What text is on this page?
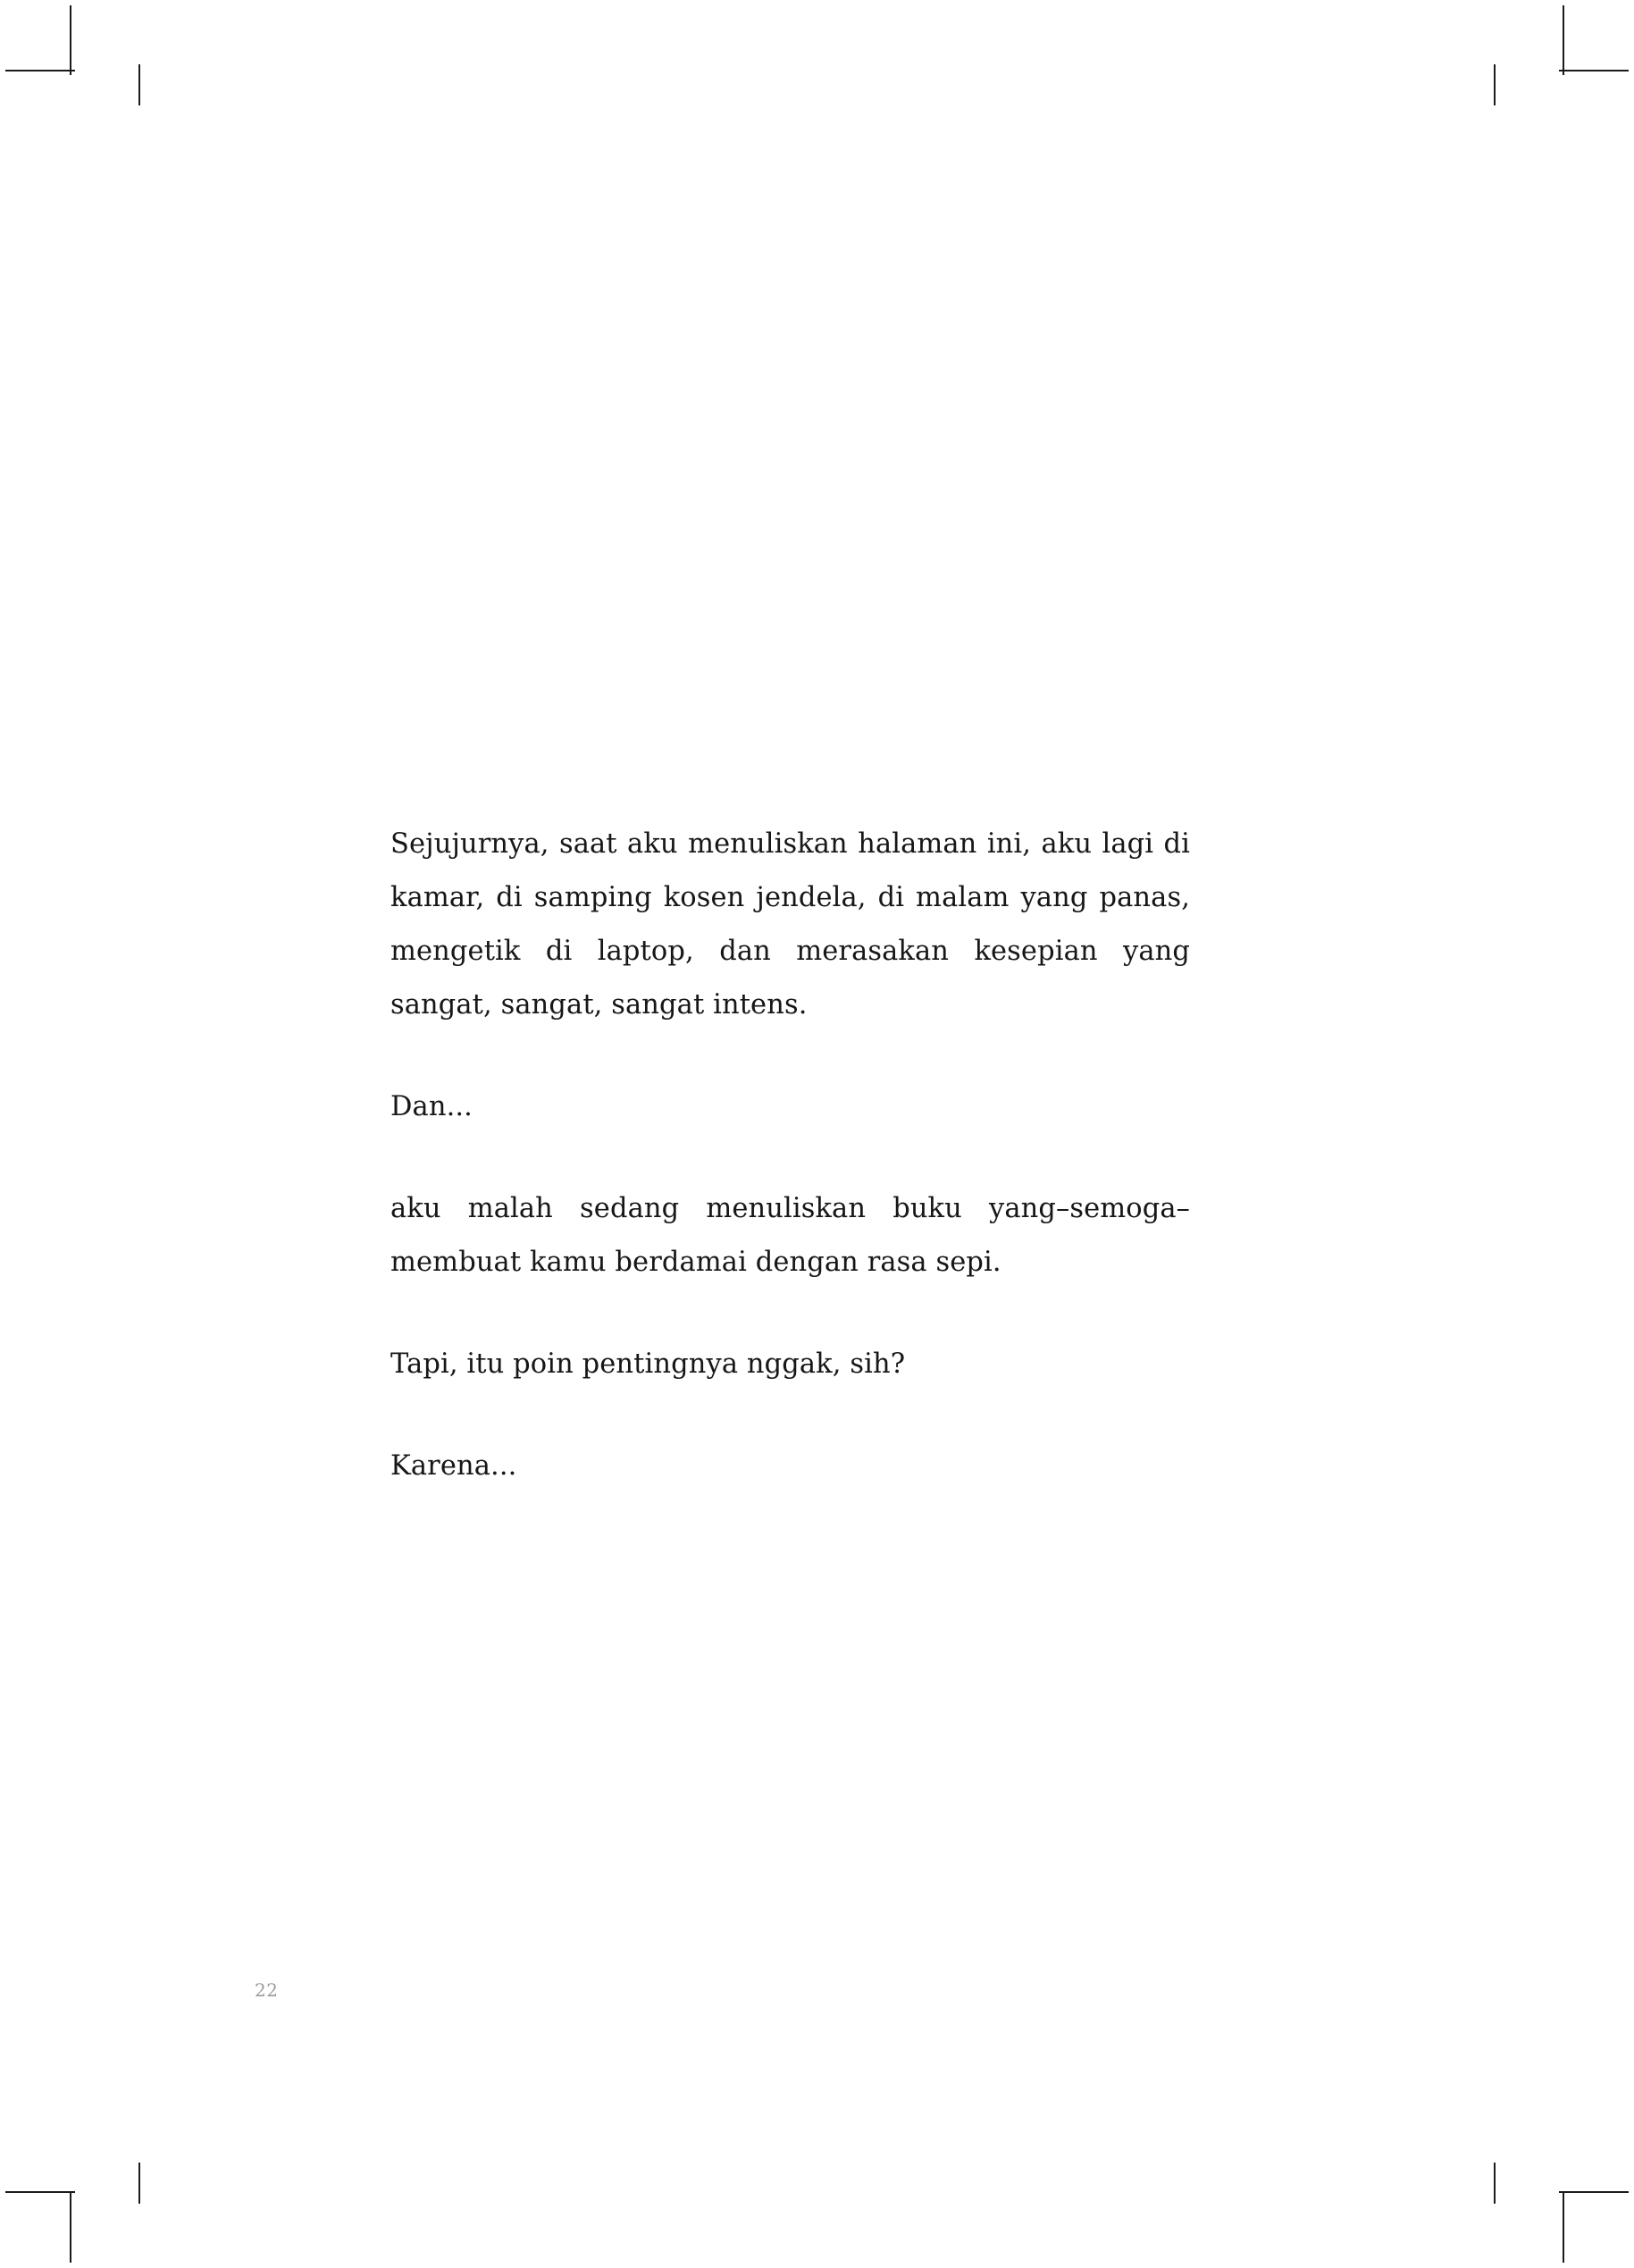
Sejujurnya, saat aku menuliskan halaman ini, aku lagi di kamar, di samping kosen jendela, di malam yang panas, mengetik di laptop, dan merasakan kesepian yang sangat, sangat, sangat intens.

Dan...

aku malah sedang menuliskan buku yang–semoga–membuat kamu berdamai dengan rasa sepi.

Tapi, itu poin pentingnya nggak, sih?

Karena...

22
